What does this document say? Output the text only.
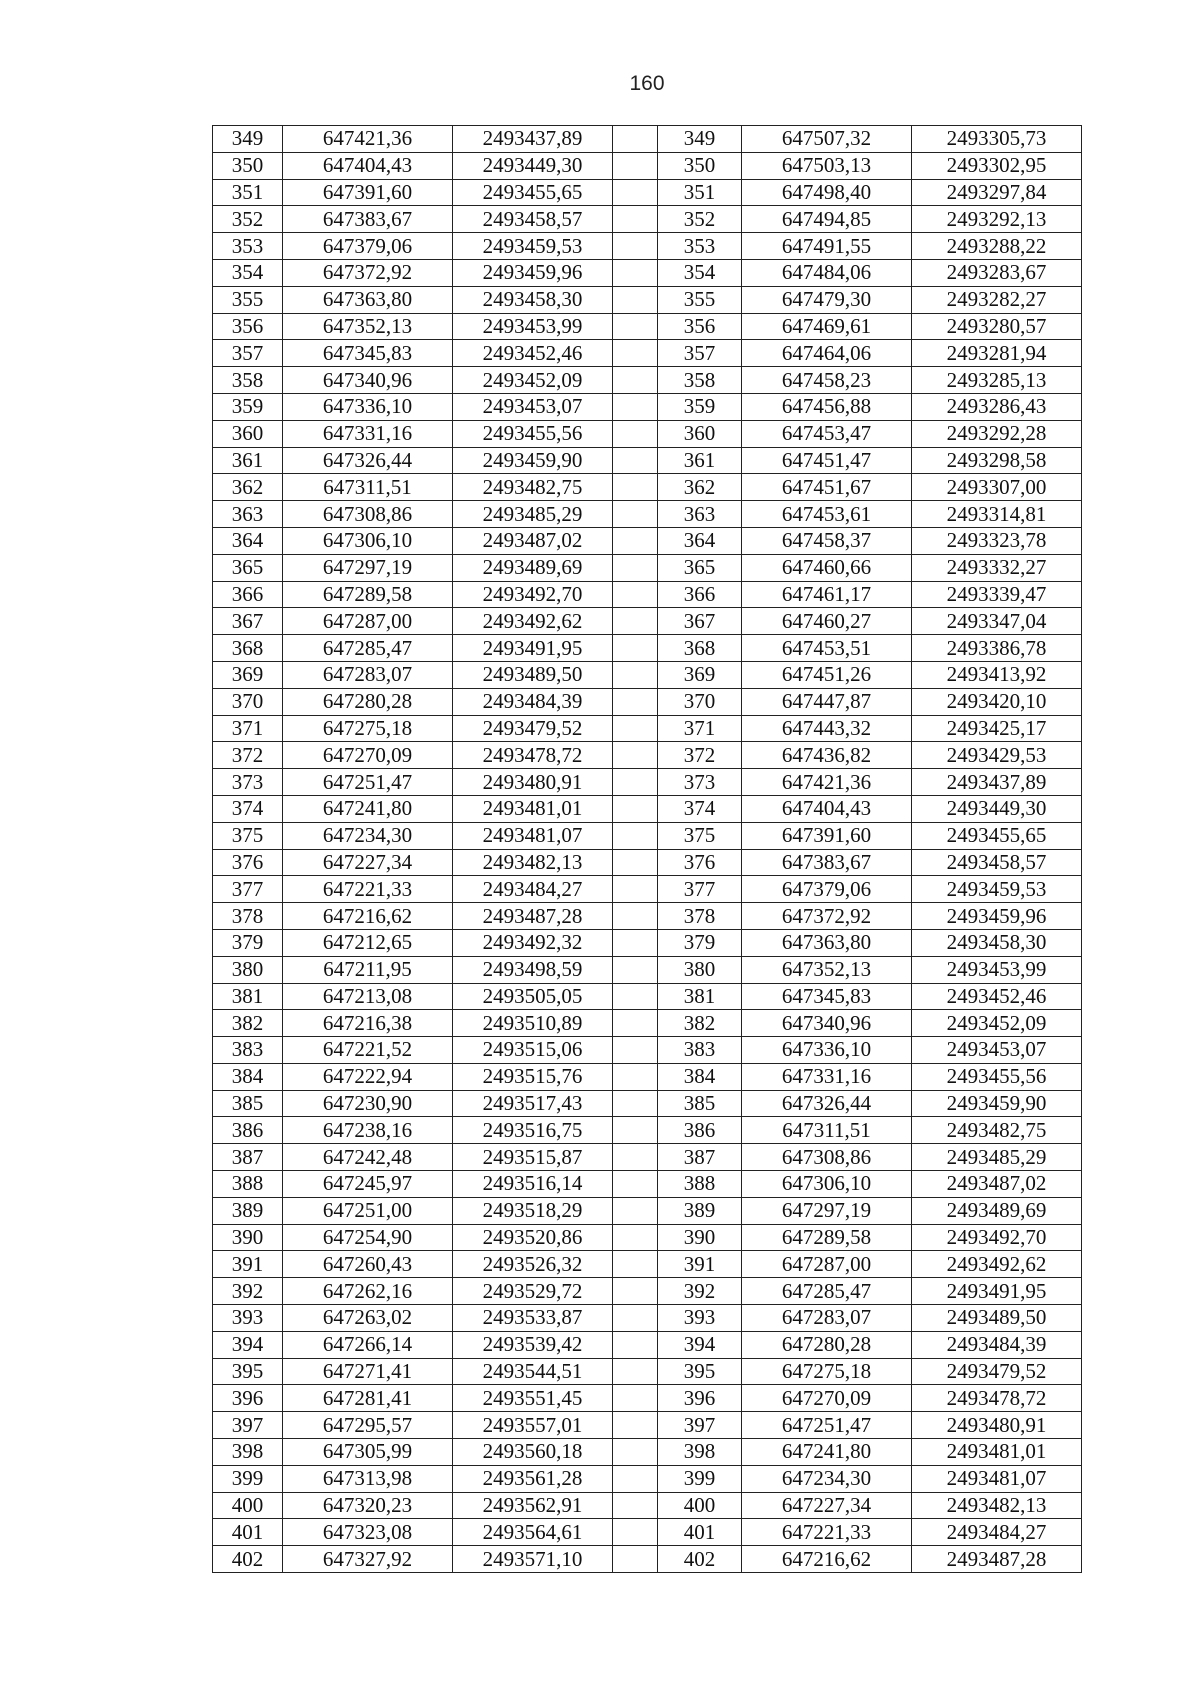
160
349	647421,36	2493437,89		349	647507,32	2493305,73
350	647404,43	2493449,30		350	647503,13	2493302,95
351	647391,60	2493455,65		351	647498,40	2493297,84
352	647383,67	2493458,57		352	647494,85	2493292,13
353	647379,06	2493459,53		353	647491,55	2493288,22
354	647372,92	2493459,96		354	647484,06	2493283,67
355	647363,80	2493458,30		355	647479,30	2493282,27
356	647352,13	2493453,99		356	647469,61	2493280,57
357	647345,83	2493452,46		357	647464,06	2493281,94
358	647340,96	2493452,09		358	647458,23	2493285,13
359	647336,10	2493453,07		359	647456,88	2493286,43
360	647331,16	2493455,56		360	647453,47	2493292,28
361	647326,44	2493459,90		361	647451,47	2493298,58
362	647311,51	2493482,75		362	647451,67	2493307,00
363	647308,86	2493485,29		363	647453,61	2493314,81
364	647306,10	2493487,02		364	647458,37	2493323,78
365	647297,19	2493489,69		365	647460,66	2493332,27
366	647289,58	2493492,70		366	647461,17	2493339,47
367	647287,00	2493492,62		367	647460,27	2493347,04
368	647285,47	2493491,95		368	647453,51	2493386,78
369	647283,07	2493489,50		369	647451,26	2493413,92
370	647280,28	2493484,39		370	647447,87	2493420,10
371	647275,18	2493479,52		371	647443,32	2493425,17
372	647270,09	2493478,72		372	647436,82	2493429,53
373	647251,47	2493480,91		373	647421,36	2493437,89
374	647241,80	2493481,01		374	647404,43	2493449,30
375	647234,30	2493481,07		375	647391,60	2493455,65
376	647227,34	2493482,13		376	647383,67	2493458,57
377	647221,33	2493484,27		377	647379,06	2493459,53
378	647216,62	2493487,28		378	647372,92	2493459,96
379	647212,65	2493492,32		379	647363,80	2493458,30
380	647211,95	2493498,59		380	647352,13	2493453,99
381	647213,08	2493505,05		381	647345,83	2493452,46
382	647216,38	2493510,89		382	647340,96	2493452,09
383	647221,52	2493515,06		383	647336,10	2493453,07
384	647222,94	2493515,76		384	647331,16	2493455,56
385	647230,90	2493517,43		385	647326,44	2493459,90
386	647238,16	2493516,75		386	647311,51	2493482,75
387	647242,48	2493515,87		387	647308,86	2493485,29
388	647245,97	2493516,14		388	647306,10	2493487,02
389	647251,00	2493518,29		389	647297,19	2493489,69
390	647254,90	2493520,86		390	647289,58	2493492,70
391	647260,43	2493526,32		391	647287,00	2493492,62
392	647262,16	2493529,72		392	647285,47	2493491,95
393	647263,02	2493533,87		393	647283,07	2493489,50
394	647266,14	2493539,42		394	647280,28	2493484,39
395	647271,41	2493544,51		395	647275,18	2493479,52
396	647281,41	2493551,45		396	647270,09	2493478,72
397	647295,57	2493557,01		397	647251,47	2493480,91
398	647305,99	2493560,18		398	647241,80	2493481,01
399	647313,98	2493561,28		399	647234,30	2493481,07
400	647320,23	2493562,91		400	647227,34	2493482,13
401	647323,08	2493564,61		401	647221,33	2493484,27
402	647327,92	2493571,10		402	647216,62	2493487,28
